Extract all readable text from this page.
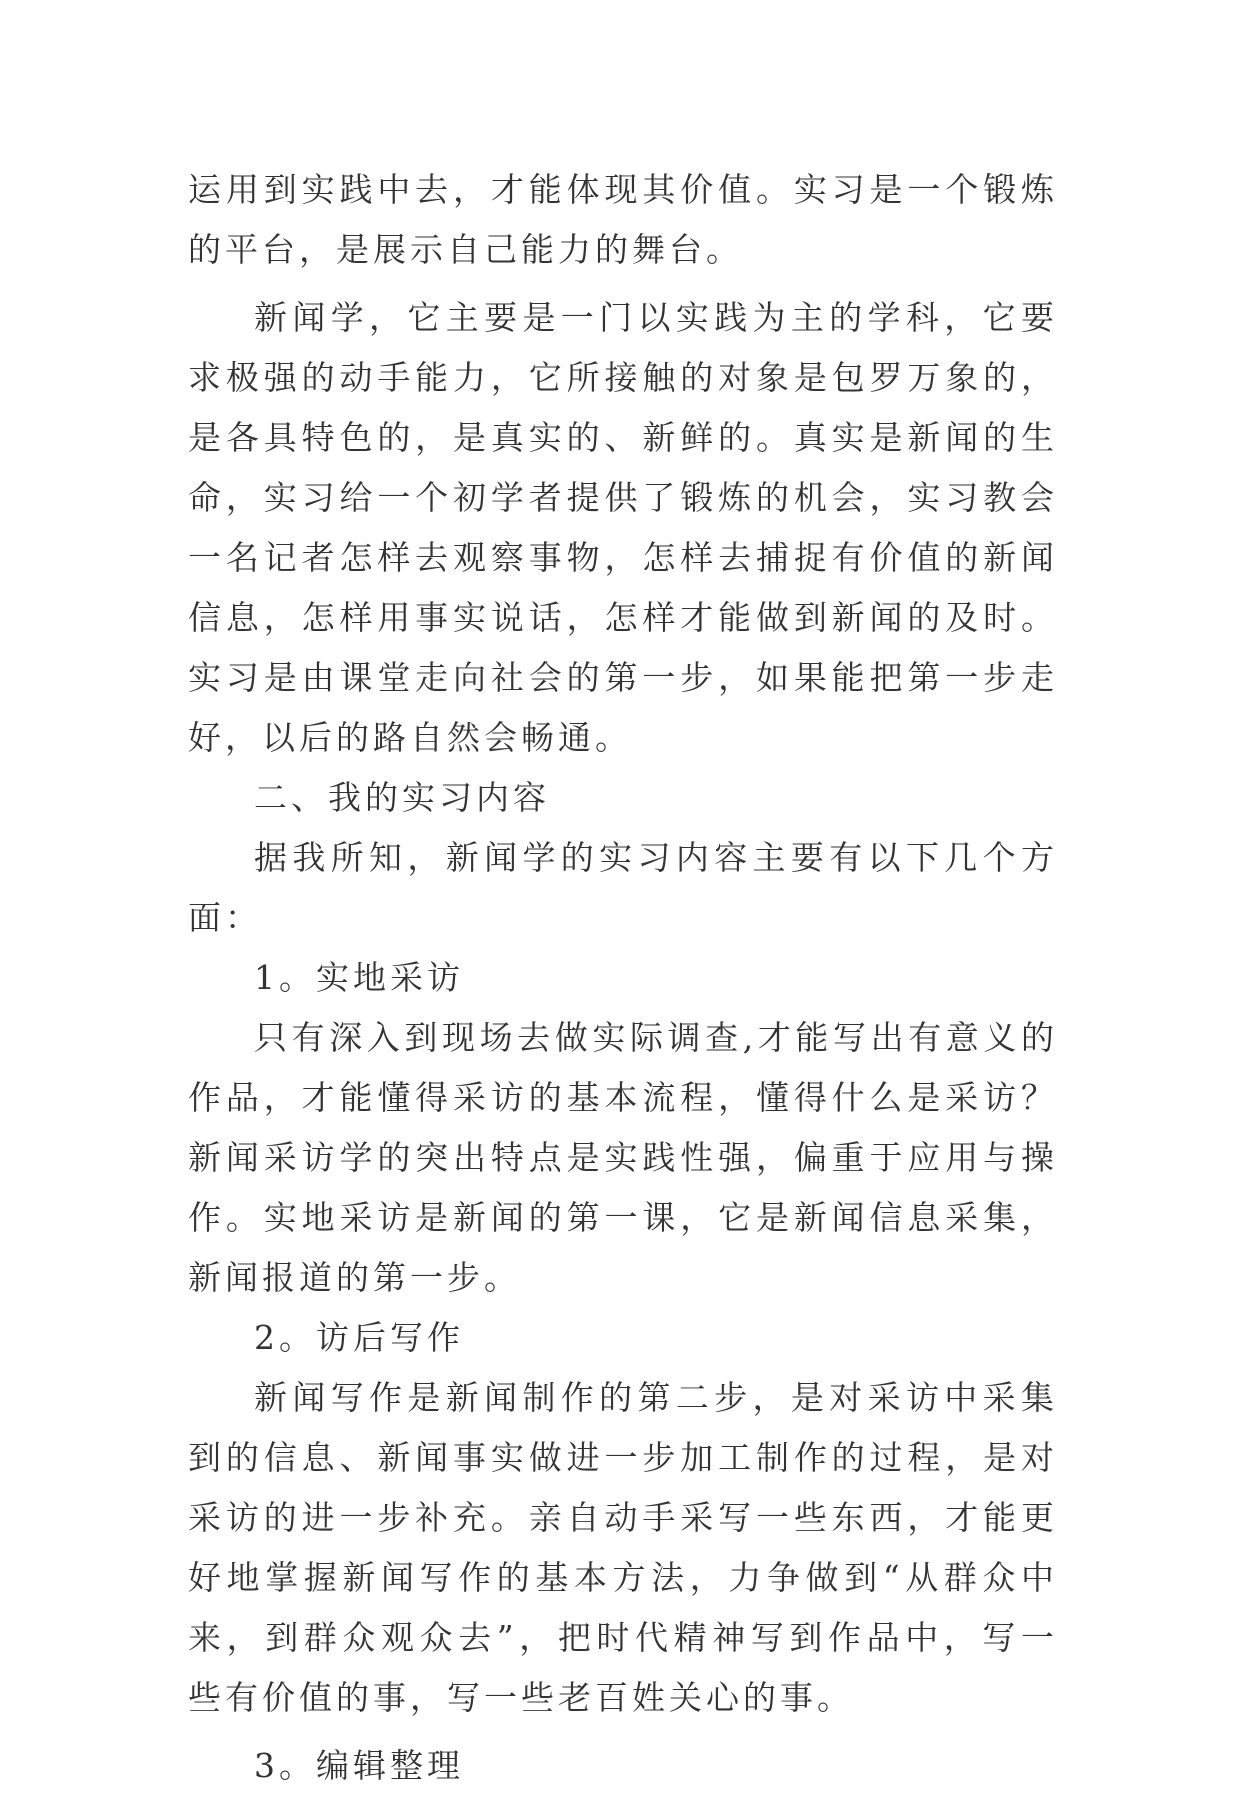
运用到实践中去，才能体现其价值。实习是一个锻炼的平台，是展示自己能力的舞台。

新闻学，它主要是一门以实践为主的学科，它要求极强的动手能力，它所接触的对象是包罗万象的，是各具特色的，是真实的、新鲜的。真实是新闻的生命，实习给一个初学者提供了锻炼的机会，实习教会一名记者怎样去观察事物，怎样去捕捉有价值的新闻信息，怎样用事实说话，怎样才能做到新闻的及时。实习是由课堂走向社会的第一步，如果能把第一步走好，以后的路自然会畅通。

二、我的实习内容

据我所知，新闻学的实习内容主要有以下几个方面：

1。实地采访

只有深入到现场去做实际调查,才能写出有意义的作品，才能懂得采访的基本流程，懂得什么是采访？新闻采访学的突出特点是实践性强，偏重于应用与操作。实地采访是新闻的第一课，它是新闻信息采集，新闻报道的第一步。

2。访后写作

新闻写作是新闻制作的第二步，是对采访中采集到的信息、新闻事实做进一步加工制作的过程，是对采访的进一步补充。亲自动手采写一些东西，才能更好地掌握新闻写作的基本方法，力争做到“从群众中来，到群众观众去”，把时代精神写到作品中，写一些有价值的事，写一些老百姓关心的事。

3。编辑整理
